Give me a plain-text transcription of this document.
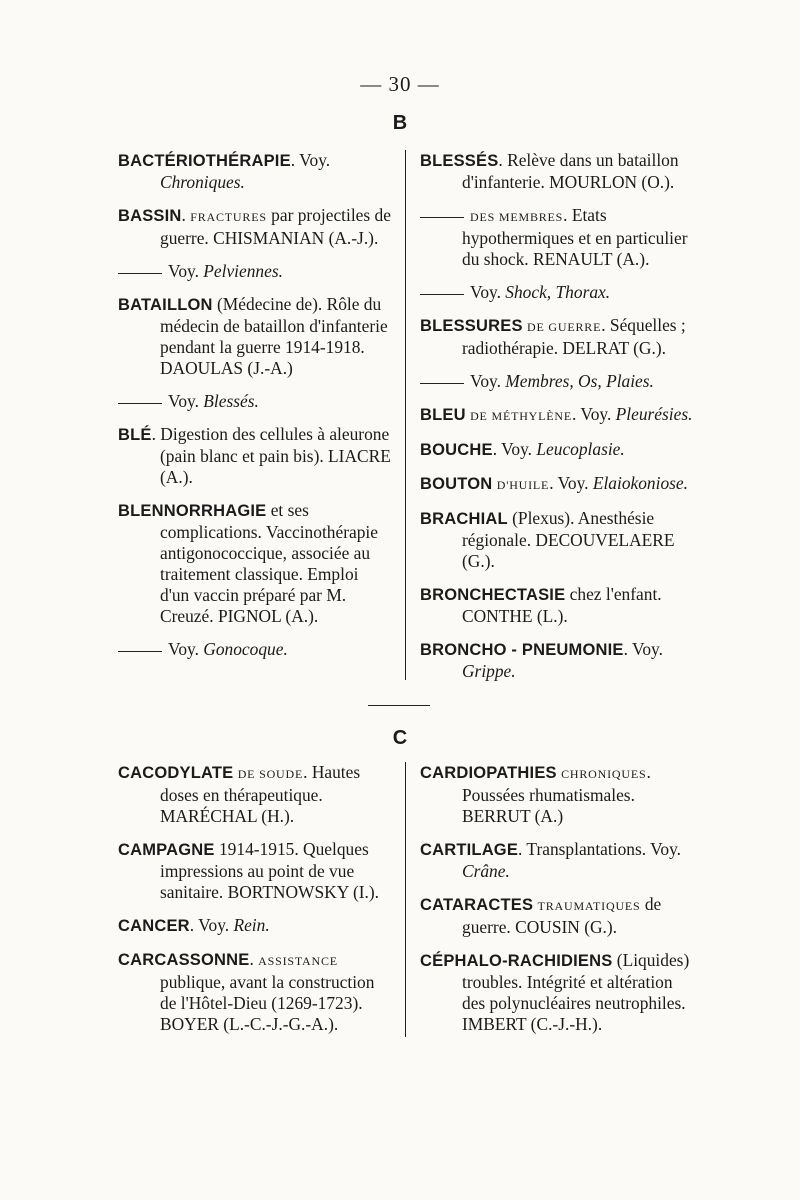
— 30 —
B
BACTÉRIOTHÉRAPIE. Voy. Chroniques.
BASSIN. FRACTURES par projectiles de guerre. CHISMANIAN (A.-J.).
Voy. Pelviennes.
BATAILLON (Médecine de). Rôle du médecin de bataillon d'infanterie pendant la guerre 1914-1918. DAOULAS (J.-A.)
Voy. Blessés.
BLÉ. Digestion des cellules à aleurone (pain blanc et pain bis). LIACRE (A.).
BLENNORRHAGIE et ses complications. Vaccinothérapie antigonococcique, associée au traitement classique. Emploi d'un vaccin préparé par M. Creuzé. PIGNOL (A.).
Voy. Gonocoque.
BLESSÉS. Relève dans un bataillon d'infanterie. MOURLON (O.).
DES MEMBRES. Etats hypothermiques et en particulier du shock. RENAULT (A.).
Voy. Shock, Thorax.
BLESSURES DE GUERRE. Séquelles ; radiothérapie. DELRAT (G.).
Voy. Membres, Os, Plaies.
BLEU DE MÉTHYLÈNE. Voy. Pleurésies.
BOUCHE. Voy. Leucoplasie.
BOUTON D'HUILE. Voy. Elaiokoniose.
BRACHIAL (Plexus). Anesthésie régionale. DECOUVELAERE (G.).
BRONCHECTASIE chez l'enfant. CONTHE (L.).
BRONCHO - PNEUMONIE. Voy. Grippe.
C
CACODYLATE DE SOUDE. Hautes doses en thérapeutique. MARÉCHAL (H.).
CAMPAGNE 1914-1915. Quelques impressions au point de vue sanitaire. BORTNOWSKY (I.).
CANCER. Voy. Rein.
CARCASSONNE. ASSISTANCE publique, avant la construction de l'Hôtel-Dieu (1269-1723). BOYER (L.-C.-J.-G.-A.).
CARDIOPATHIES CHRONIQUES. Poussées rhumatismales. BERRUT (A.)
CARTILAGE. Transplantations. Voy. Crâne.
CATARACTES TRAUMATIQUES de guerre. COUSIN (G.).
CÉPHALO-RACHIDIENS (Liquides) troubles. Intégrité et altération des polynucléaires neutrophiles. IMBERT (C.-J.-H.).
